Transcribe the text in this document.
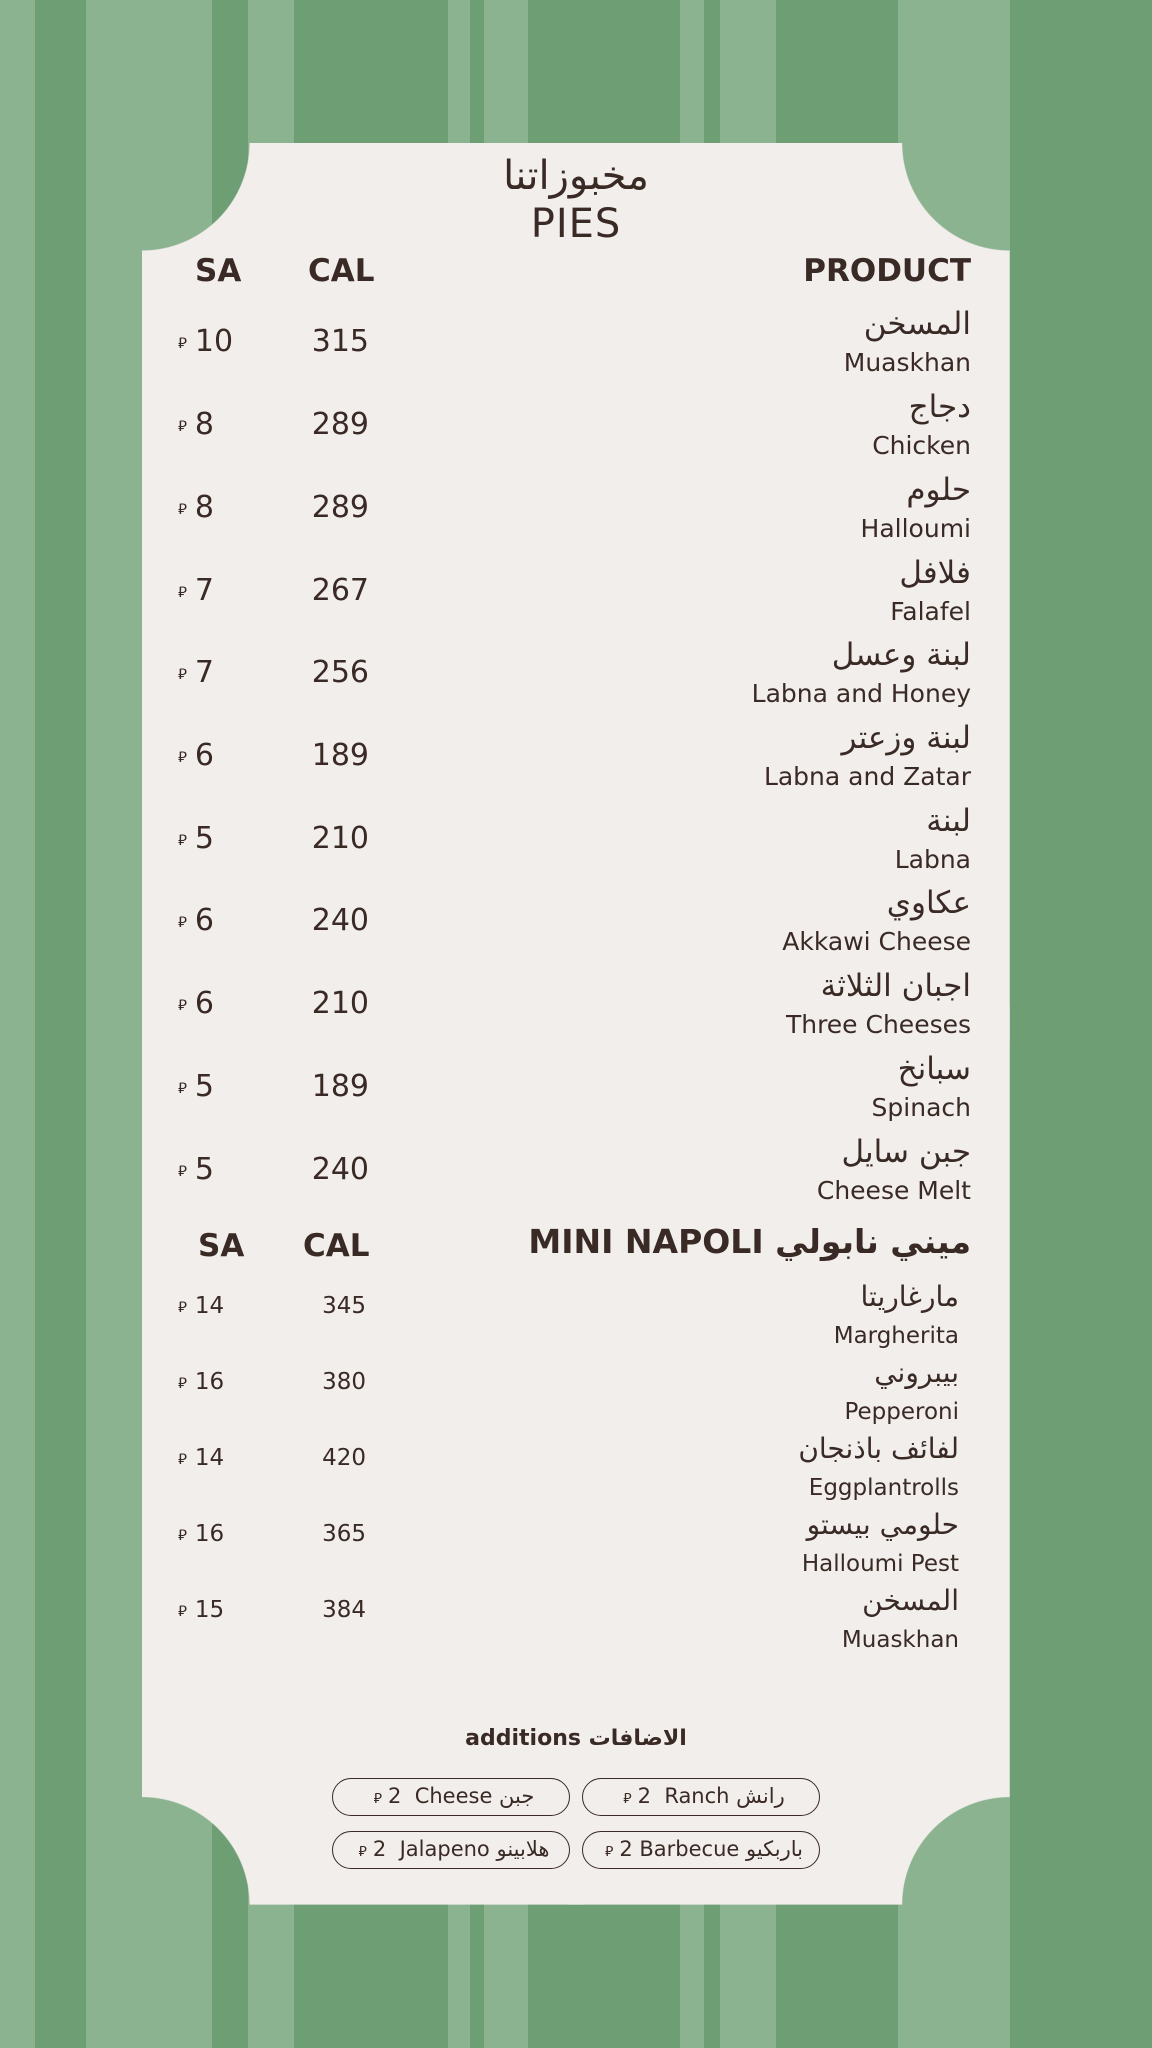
مخبوزاتنا
PIES
SA CAL	PRODUCT
⃁ 10	315	المسخن
Muaskhan
⃁ 8	289	دجاج
Chicken
⃁ 8	289	حلوم
Halloumi
⃁ 7	267	فلافل
Falafel
⃁ 7	256	لبنة وعسل
Labna and Honey
⃁ 6	189	لبنة وزعتر
Labna and Zatar
⃁ 5	210	لبنة
Labna
⃁ 6	240	عكاوي
Akkawi Cheese
⃁ 6	210	اجبان الثلاثة
Three Cheeses
⃁ 5	189	سبانخ
Spinach
⃁ 5	240	جبن سايل
Cheese Melt
SA CAL	MINI NAPOLI ميني نابولي
⃁ 14	345	مارغاريتا
Margherita
⃁ 16	380	بيبروني
Pepperoni
⃁ 14	420	لفائف باذنجان
Eggplantrolls
⃁ 16	365	حلومي بيستو
Halloumi Pest
⃁ 15	384	المسخن
Muaskhan
additions الاضافات
⃁ 2 Cheese جبن	⃁ 2 Ranch رانش
⃁ 2 Jalapeno هلابينو	⃁ 2 Barbecue باربكيو
